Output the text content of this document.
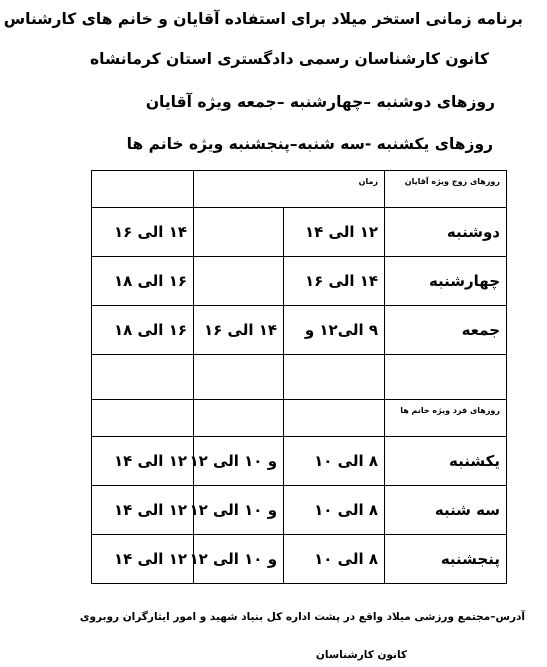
برنامه زمانی استخر میلاد برای استفاده آقایان و خانم های کارشناس
کانون کارشناسان رسمی دادگستری استان کرمانشاه
روزهای دوشنبه –چهارشنبه –جمعه ویژه آقایان
روزهای یکشنبه -سه شنبه–پنجشنبه ویژه خانم ها
روزهای زوج ویژه آقایان	زمان		
دوشنبه	۱۲ الی ۱۴		۱۴ الی ۱۶
چهارشنبه	۱۴ الی ۱۶		۱۶ الی ۱۸
جمعه	۹ الی۱۲ و	۱۴ الی ۱۶	۱۶ الی ۱۸

روزهای فرد ویژه خانم ها			
یکشنبه	۸ الی ۱۰	و ۱۰ الی ۱۲	۱۲ الی ۱۴
سه شنبه	۸ الی ۱۰	و ۱۰ الی ۱۲	۱۲ الی ۱۴
پنجشنبه	۸ الی ۱۰	و ۱۰ الی ۱۲	۱۲ الی ۱۴
آدرس–مجتمع ورزشی میلاد واقع در پشت اداره کل بنیاد شهید و امور ایثارگران روبروی
کانون کارشناسان
